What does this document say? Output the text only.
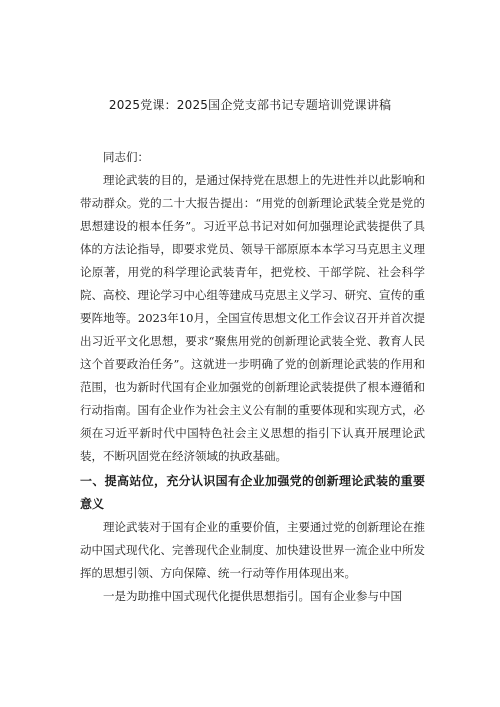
2025党课：2025国企党支部书记专题培训党课讲稿

同志们：

理论武装的目的，是通过保持党在思想上的先进性并以此影响和带动群众。党的二十大报告提出：“用党的创新理论武装全党是党的思想建设的根本任务”。习近平总书记对如何加强理论武装提供了具体的方法论指导，即要求党员、领导干部原原本本学习马克思主义理论原著，用党的科学理论武装青年，把党校、干部学院、社会科学院、高校、理论学习中心组等建成马克思主义学习、研究、宣传的重要阵地等。2023年10月，全国宣传思想文化工作会议召开并首次提出习近平文化思想，要求“聚焦用党的创新理论武装全党、教育人民这个首要政治任务”。这就进一步明确了党的创新理论武装的作用和范围，也为新时代国有企业加强党的创新理论武装提供了根本遵循和行动指南。国有企业作为社会主义公有制的重要体现和实现方式，必须在习近平新时代中国特色社会主义思想的指引下认真开展理论武装，不断巩固党在经济领域的执政基础。

一、提高站位，充分认识国有企业加强党的创新理论武装的重要意义

理论武装对于国有企业的重要价值，主要通过党的创新理论在推动中国式现代化、完善现代企业制度、加快建设世界一流企业中所发挥的思想引领、方向保障、统一行动等作用体现出来。

一是为助推中国式现代化提供思想指引。国有企业参与中国
